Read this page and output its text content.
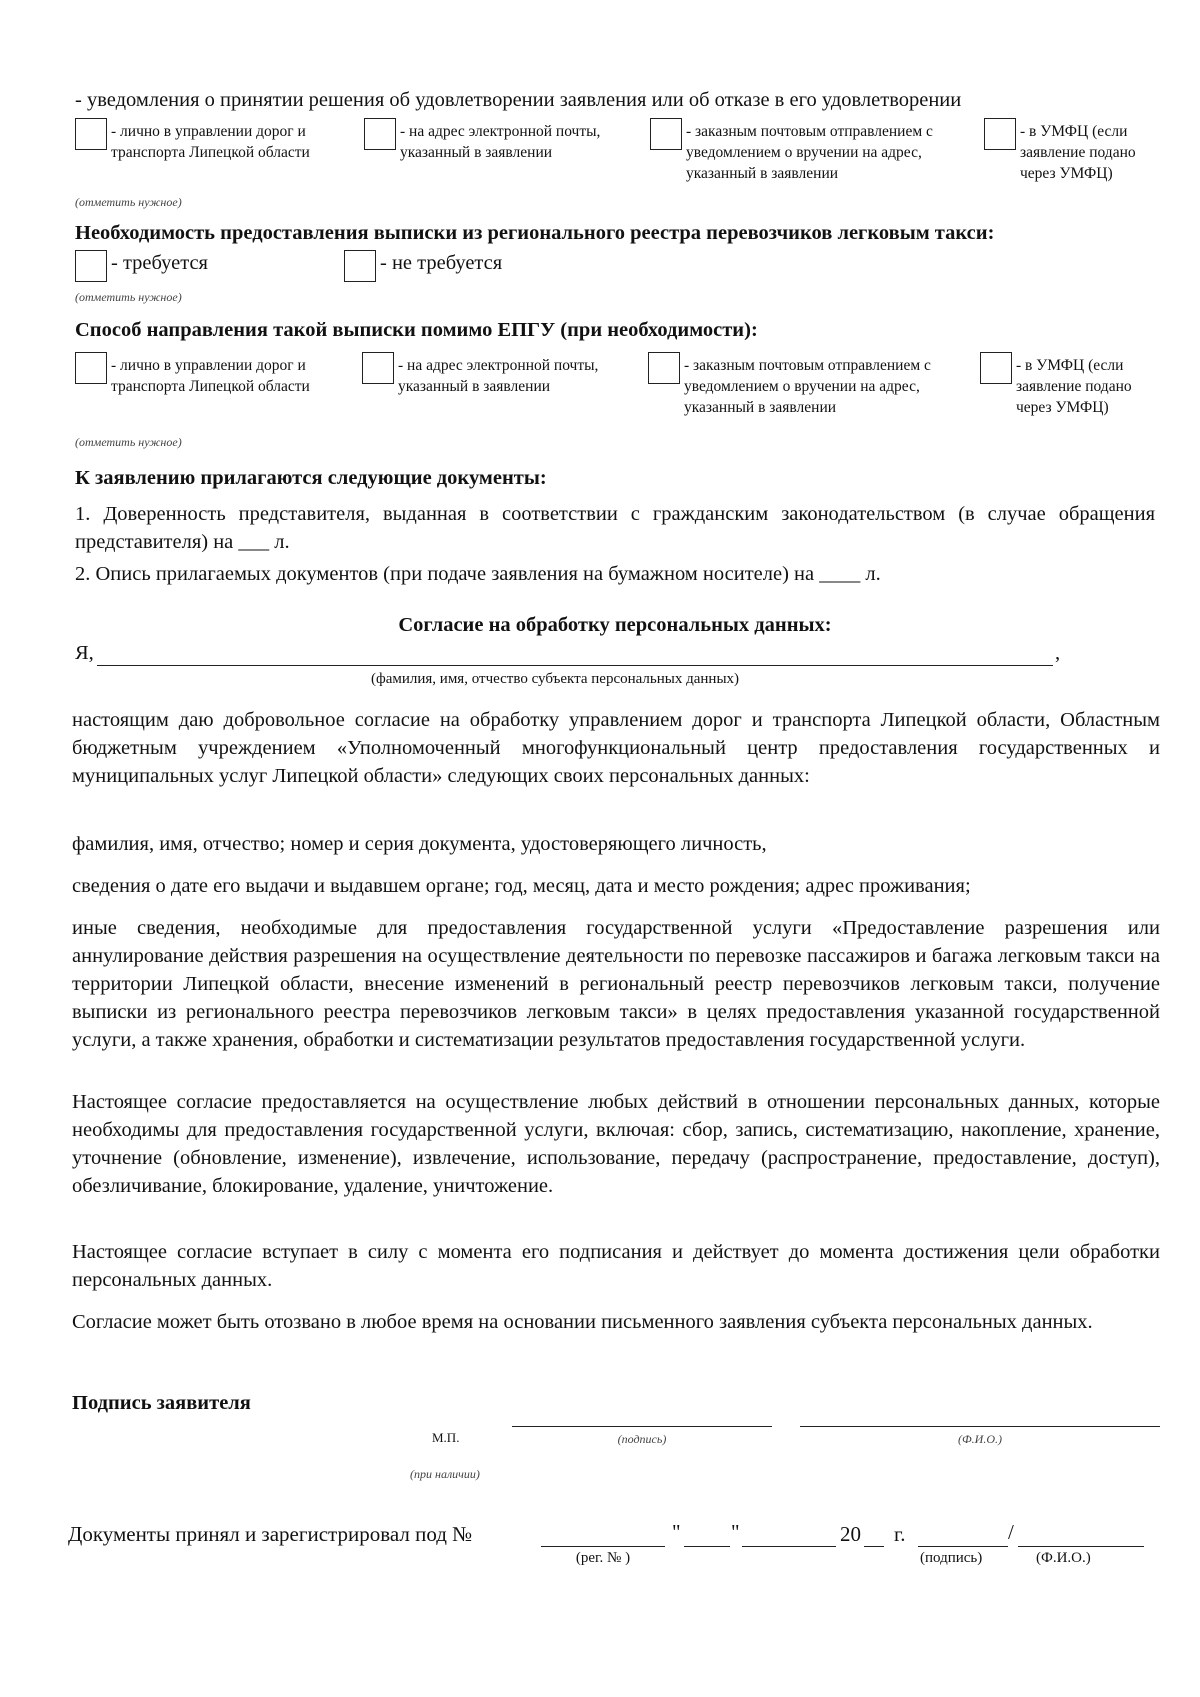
- уведомления о принятии решения об удовлетворении заявления или об отказе в его удовлетворении
- лично в управлении дорог и транспорта Липецкой области
- на адрес электронной почты, указанный в заявлении
- заказным почтовым отправлением с уведомлением о вручении на адрес, указанный в заявлении
- в УМФЦ (если заявление подано через УМФЦ)
(отметить нужное)
Необходимость предоставления выписки из регионального реестра перевозчиков легковым такси:
- требуется	- не требуется
(отметить нужное)
Способ направления такой выписки помимо ЕПГУ (при необходимости):
- лично в управлении дорог и транспорта Липецкой области
- на адрес электронной почты, указанный в заявлении
- заказным почтовым отправлением с уведомлением о вручении на адрес, указанный в заявлении
- в УМФЦ (если заявление подано через УМФЦ)
(отметить нужное)
К заявлению прилагаются следующие документы:
1. Доверенность представителя, выданная в соответствии с гражданским законодательством (в случае обращения представителя) на ___ л.
2. Опись прилагаемых документов (при подаче заявления на бумажном носителе) на ____ л.
Согласие на обработку персональных данных:
Я,	,
(фамилия, имя, отчество субъекта персональных данных)
настоящим даю добровольное согласие на обработку управлением дорог и транспорта Липецкой области, Областным бюджетным учреждением «Уполномоченный многофункциональный центр предоставления государственных и муниципальных услуг Липецкой области» следующих своих персональных данных:
фамилия, имя, отчество; номер и серия документа, удостоверяющего личность,
сведения о дате его выдачи и выдавшем органе; год, месяц, дата и место рождения; адрес проживания;
иные сведения, необходимые для предоставления государственной услуги «Предоставление разрешения или аннулирование действия разрешения на осуществление деятельности по перевозке пассажиров и багажа легковым такси на территории Липецкой области, внесение изменений в региональный реестр перевозчиков легковым такси, получение выписки из регионального реестра перевозчиков легковым такси» в целях предоставления указанной государственной услуги, а также хранения, обработки и систематизации результатов предоставления государственной услуги.
Настоящее согласие предоставляется на осуществление любых действий в отношении персональных данных, которые необходимы для предоставления государственной услуги, включая: сбор, запись, систематизацию, накопление, хранение, уточнение (обновление, изменение), извлечение, использование, передачу (распространение, предоставление, доступ), обезличивание, блокирование, удаление, уничтожение.
Настоящее согласие вступает в силу с момента его подписания и действует до момента достижения цели обработки персональных данных.
Согласие может быть отозвано в любое время на основании письменного заявления субъекта персональных данных.
Подпись заявителя
М.П.	(подпись)	(Ф.И.О.)
(при наличии)
Документы принял и зарегистрировал под №
(рег. № )
" "	20 г.	/
(подпись)	(Ф.И.О.)
